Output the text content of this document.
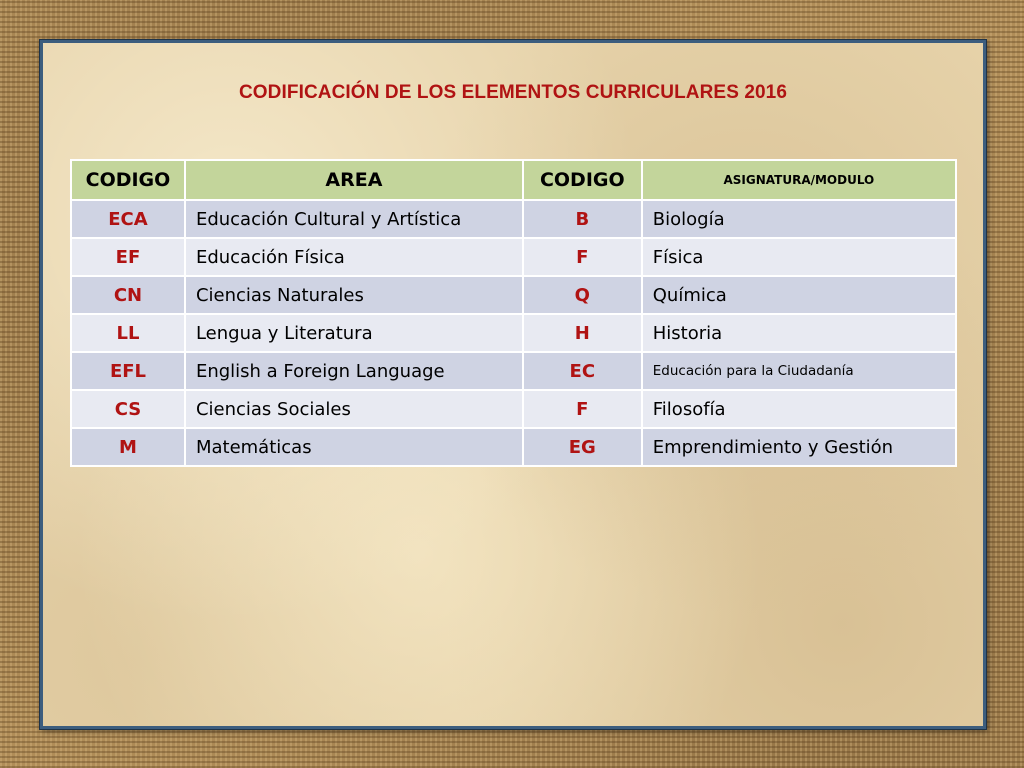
CODIFICACIÓN DE LOS ELEMENTOS CURRICULARES 2016
CODIGO	AREA	CODIGO	ASIGNATURA/MODULO
ECA	Educación Cultural y Artística	B	Biología
EF	Educación Física	F	Física
CN	Ciencias Naturales	Q	Química
LL	Lengua y Literatura	H	Historia
EFL	English a Foreign Language	EC	Educación para la Ciudadanía
CS	Ciencias Sociales	F	Filosofía
M	Matemáticas	EG	Emprendimiento y Gestión
